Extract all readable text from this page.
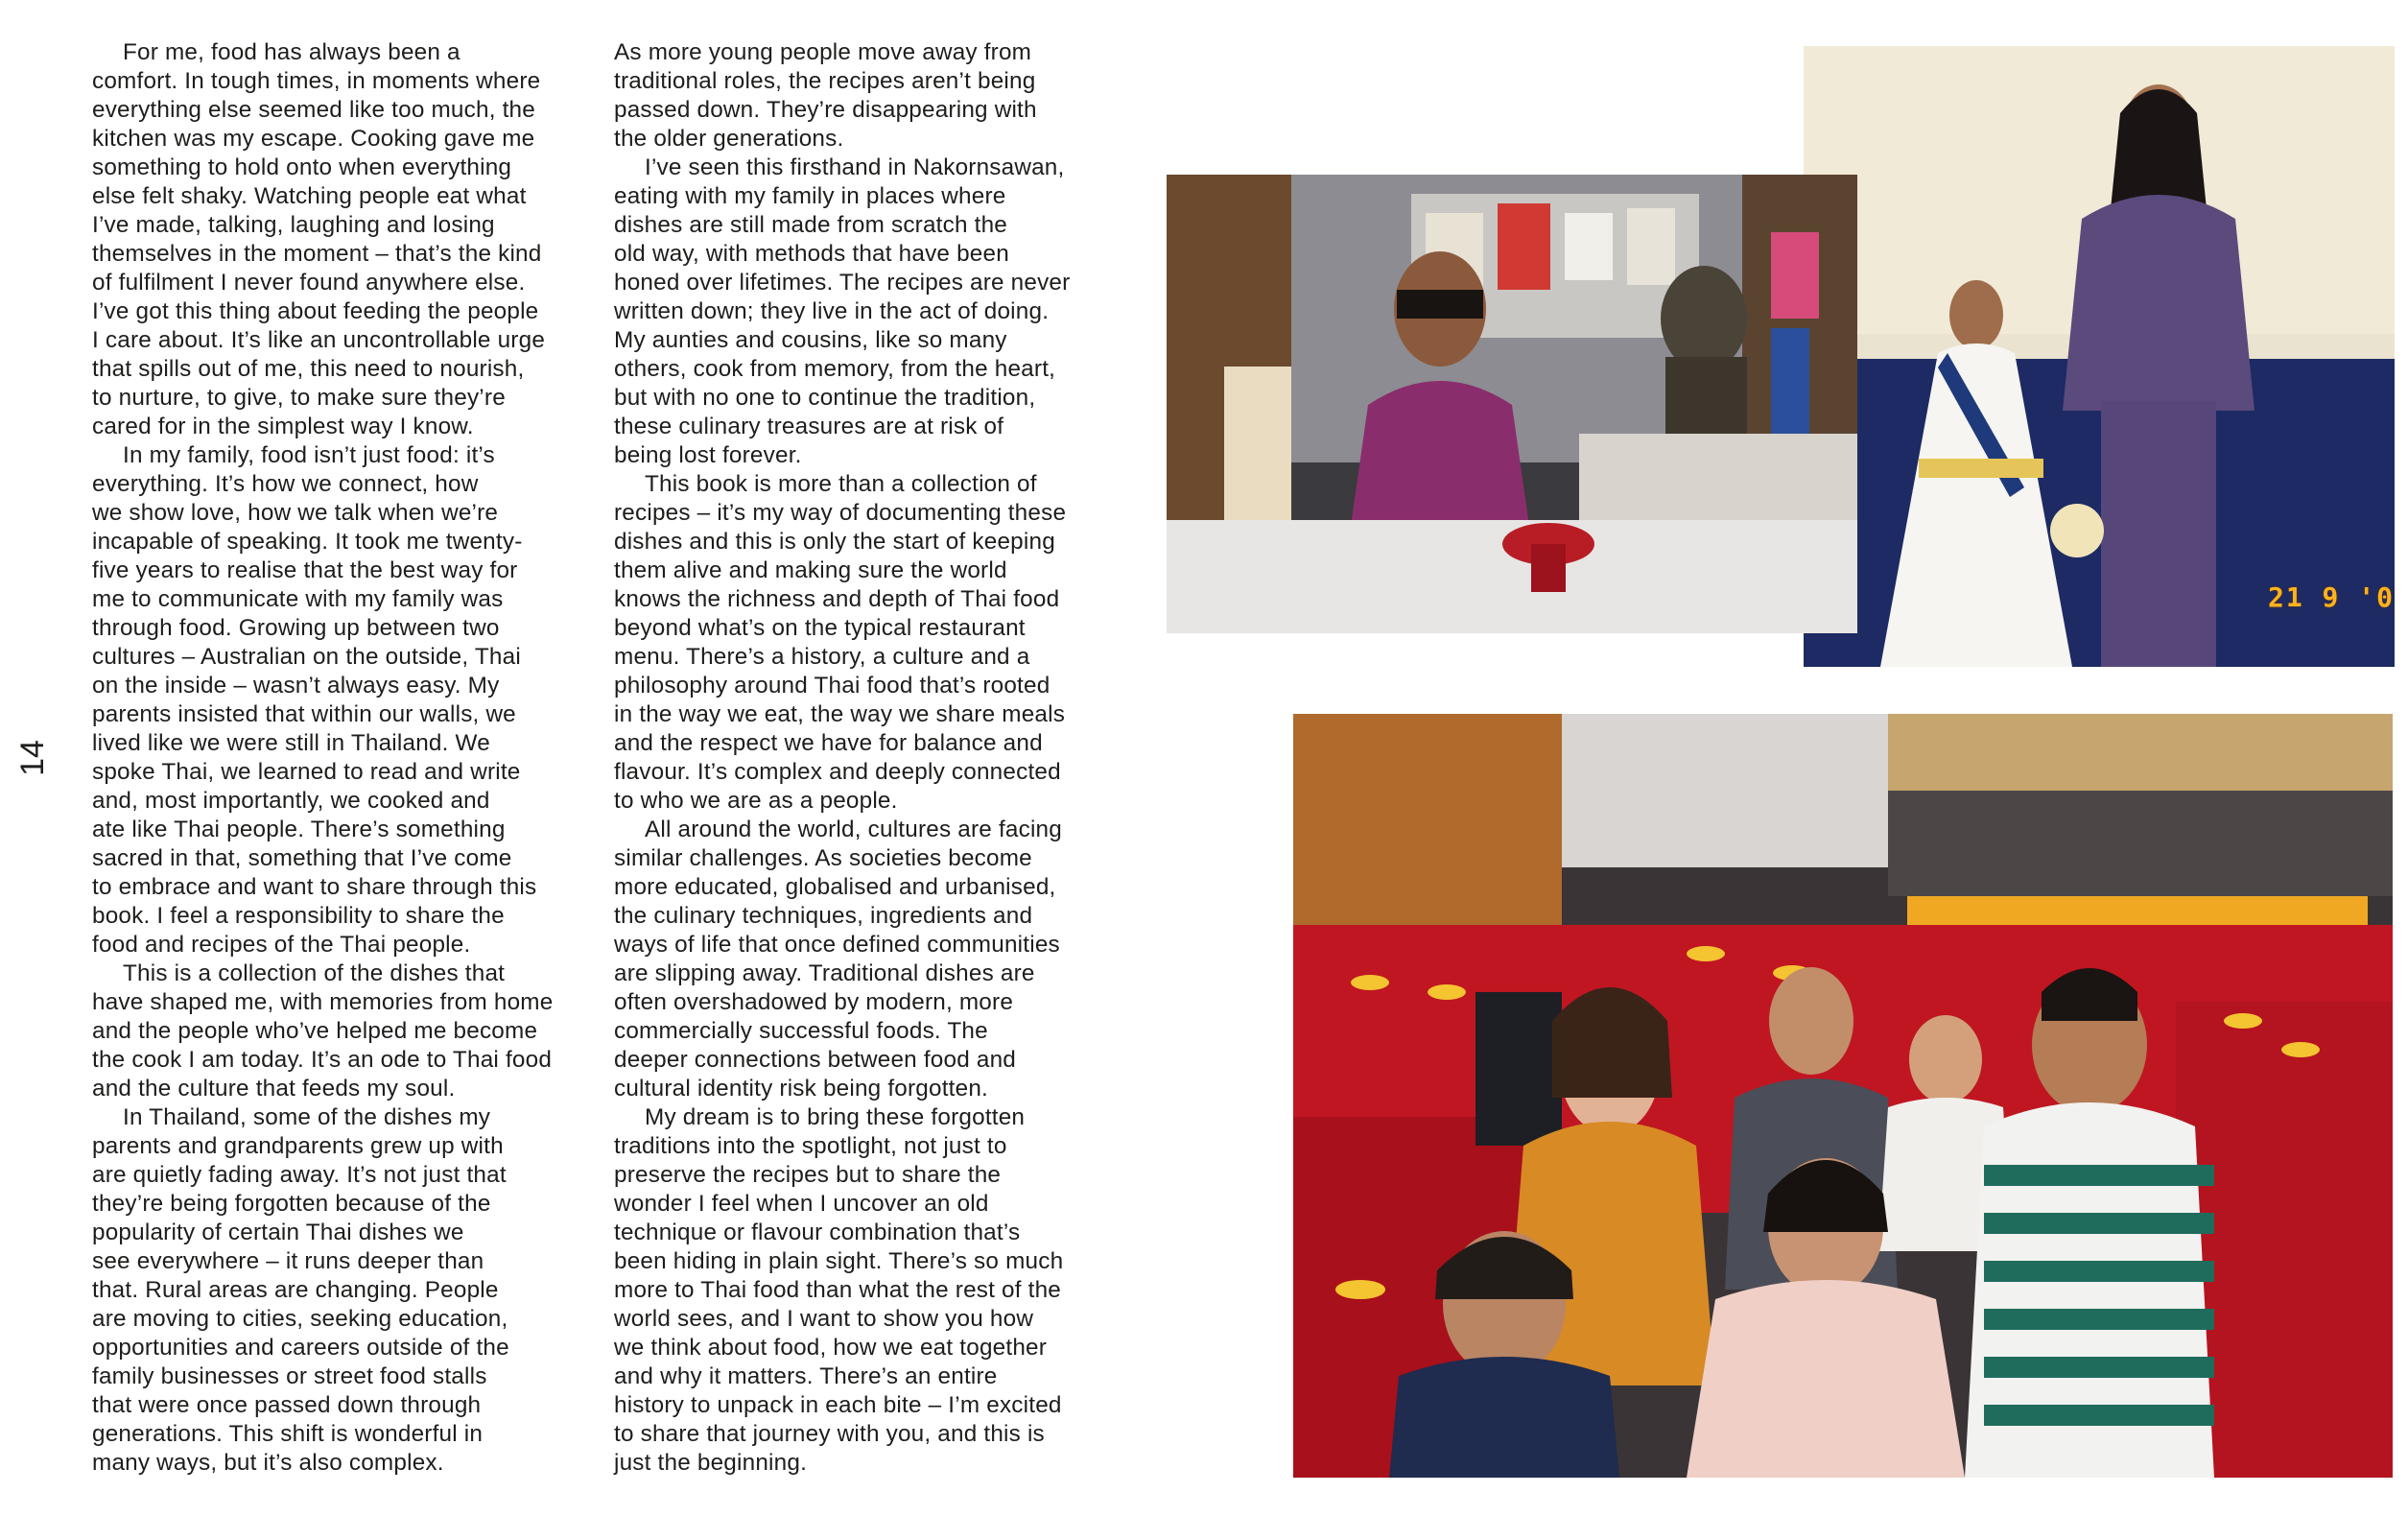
14
For me, food has always been a
comfort. In tough times, in moments where
everything else seemed like too much, the
kitchen was my escape. Cooking gave me
something to hold onto when everything
else felt shaky. Watching people eat what
I’ve made, talking, laughing and losing
themselves in the moment – that’s the kind
of fulfilment I never found anywhere else.
I’ve got this thing about feeding the people
I care about. It’s like an uncontrollable urge
that spills out of me, this need to nourish,
to nurture, to give, to make sure they’re
cared for in the simplest way I know.
In my family, food isn’t just food: it’s
everything. It’s how we connect, how
we show love, how we talk when we’re
incapable of speaking. It took me twenty-
five years to realise that the best way for
me to communicate with my family was
through food. Growing up between two
cultures – Australian on the outside, Thai
on the inside – wasn’t always easy. My
parents insisted that within our walls, we
lived like we were still in Thailand. We
spoke Thai, we learned to read and write
and, most importantly, we cooked and
ate like Thai people. There’s something
sacred in that, something that I’ve come
to embrace and want to share through this
book. I feel a responsibility to share the
food and recipes of the Thai people.
This is a collection of the dishes that
have shaped me, with memories from home
and the people who’ve helped me become
the cook I am today. It’s an ode to Thai food
and the culture that feeds my soul.
In Thailand, some of the dishes my
parents and grandparents grew up with
are quietly fading away. It’s not just that
they’re being forgotten because of the
popularity of certain Thai dishes we
see everywhere – it runs deeper than
that. Rural areas are changing. People
are moving to cities, seeking education,
opportunities and careers outside of the
family businesses or street food stalls
that were once passed down through
generations. This shift is wonderful in
many ways, but it’s also complex.
As more young people move away from
traditional roles, the recipes aren’t being
passed down. They’re disappearing with
the older generations.
I’ve seen this firsthand in Nakornsawan,
eating with my family in places where
dishes are still made from scratch the
old way, with methods that have been
honed over lifetimes. The recipes are never
written down; they live in the act of doing.
My aunties and cousins, like so many
others, cook from memory, from the heart,
but with no one to continue the tradition,
these culinary treasures are at risk of
being lost forever.
This book is more than a collection of
recipes – it’s my way of documenting these
dishes and this is only the start of keeping
them alive and making sure the world
knows the richness and depth of Thai food
beyond what’s on the typical restaurant
menu. There’s a history, a culture and a
philosophy around Thai food that’s rooted
in the way we eat, the way we share meals
and the respect we have for balance and
flavour. It’s complex and deeply connected
to who we are as a people.
All around the world, cultures are facing
similar challenges. As societies become
more educated, globalised and urbanised,
the culinary techniques, ingredients and
ways of life that once defined communities
are slipping away. Traditional dishes are
often overshadowed by modern, more
commercially successful foods. The
deeper connections between food and
cultural identity risk being forgotten.
My dream is to bring these forgotten
traditions into the spotlight, not just to
preserve the recipes but to share the
wonder I feel when I uncover an old
technique or flavour combination that’s
been hiding in plain sight. There’s so much
more to Thai food than what the rest of the
world sees, and I want to show you how
we think about food, how we eat together
and why it matters. There’s an entire
history to unpack in each bite – I’m excited
to share that journey with you, and this is
just the beginning.
21 9 '0
